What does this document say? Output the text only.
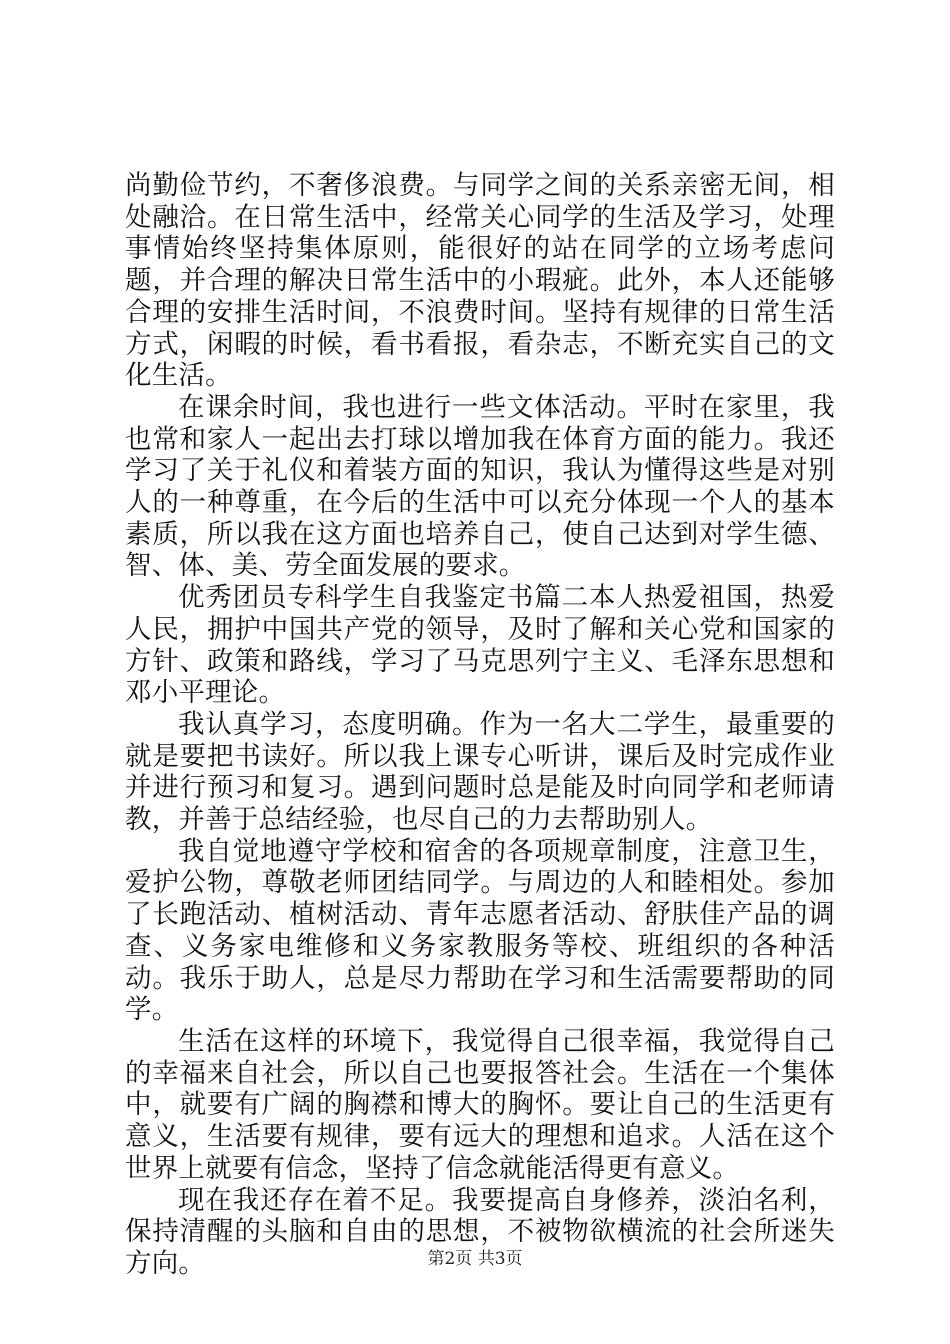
尚勤俭节约，不奢侈浪费。与同学之间的关系亲密无间，相处融洽。在日常生活中，经常关心同学的生活及学习，处理事情始终坚持集体原则，能很好的站在同学的立场考虑问题，并合理的解决日常生活中的小瑕疵。此外，本人还能够合理的安排生活时间，不浪费时间。坚持有规律的日常生活方式，闲暇的时候，看书看报，看杂志，不断充实自己的文化生活。

在课余时间，我也进行一些文体活动。平时在家里，我也常和家人一起出去打球以增加我在体育方面的能力。我还学习了关于礼仪和着装方面的知识，我认为懂得这些是对别人的一种尊重，在今后的生活中可以充分体现一个人的基本素质，所以我在这方面也培养自己，使自己达到对学生德、智、体、美、劳全面发展的要求。

优秀团员专科学生自我鉴定书篇二本人热爱祖国，热爱人民，拥护中国共产党的领导，及时了解和关心党和国家的方针、政策和路线，学习了马克思列宁主义、毛泽东思想和邓小平理论。

我认真学习，态度明确。作为一名大二学生，最重要的就是要把书读好。所以我上课专心听讲，课后及时完成作业并进行预习和复习。遇到问题时总是能及时向同学和老师请教，并善于总结经验，也尽自己的力去帮助别人。

我自觉地遵守学校和宿舍的各项规章制度，注意卫生，爱护公物，尊敬老师团结同学。与周边的人和睦相处。参加了长跑活动、植树活动、青年志愿者活动、舒肤佳产品的调查、义务家电维修和义务家教服务等校、班组织的各种活动。我乐于助人，总是尽力帮助在学习和生活需要帮助的同学。

生活在这样的环境下，我觉得自己很幸福，我觉得自己的幸福来自社会，所以自己也要报答社会。生活在一个集体中，就要有广阔的胸襟和博大的胸怀。要让自己的生活更有意义，生活要有规律，要有远大的理想和追求。人活在这个世界上就要有信念，坚持了信念就能活得更有意义。

现在我还存在着不足。我要提高自身修养，淡泊名利，保持清醒的头脑和自由的思想，不被物欲横流的社会所迷失方向。	第2页 共3页
